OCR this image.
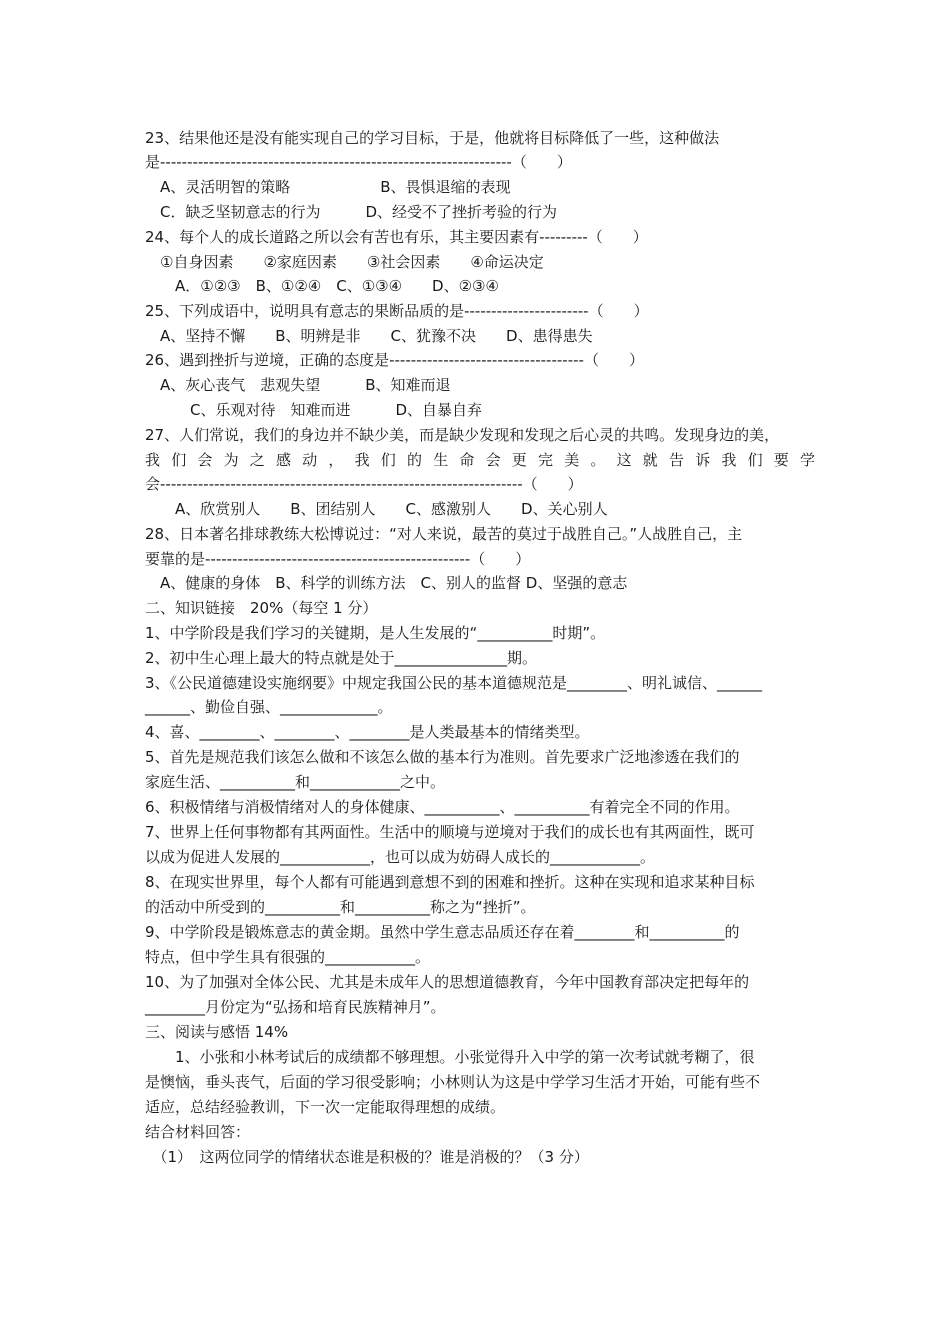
23、结果他还是没有能实现自己的学习目标，于是，他就将目标降低了一些，这种做法
是-----------------------------------------------------------------（　　）
　A、灵活明智的策略　　　　　　B、畏惧退缩的表现
　C．缺乏坚韧意志的行为　　　D、经受不了挫折考验的行为
24、每个人的成长道路之所以会有苦也有乐，其主要因素有---------（　　）
　①自身因素　　②家庭因素　　③社会因素　　④命运决定
　　A．①②③　B、①②④　C、①③④　　D、②③④
25、下列成语中，说明具有意志的果断品质的是-----------------------（　　）
　A、坚持不懈　　B、明辨是非　　C、犹豫不决　　D、患得患失
26、遇到挫折与逆境，正确的态度是------------------------------------（　　）
　A、灰心丧气　悲观失望　　　B、知难而退
　　　C、乐观对待　知难而进　　　D、自暴自弃
27、人们常说，我们的身边并不缺少美，而是缺少发现和发现之后心灵的共鸣。发现身边的美，
我们会为之感动，我们的生命会更完美。这就告诉我们要学
会-------------------------------------------------------------------（　　）
　　A、欣赏别人　　B、团结别人　　C、感激别人　　D、关心别人
28、日本著名排球教练大松博说过：“对人来说，最苦的莫过于战胜自己。”人战胜自己，主
要靠的是-------------------------------------------------（　　）
　A、健康的身体　B、科学的训练方法　C、别人的监督 D、坚强的意志
二、知识链接　20%（每空 1 分）
1、中学阶段是我们学习的关键期，是人生发展的“__________时期”。
2、初中生心理上最大的特点就是处于_______________期。
3、《公民道德建设实施纲要》中规定我国公民的基本道德规范是________、明礼诚信、______
______、勤俭自强、_____________。
4、喜、________、________、________是人类最基本的情绪类型。
5、首先是规范我们该怎么做和不该怎么做的基本行为准则。首先要求广泛地渗透在我们的
家庭生活、__________和____________之中。
6、积极情绪与消极情绪对人的身体健康、__________、__________有着完全不同的作用。
7、世界上任何事物都有其两面性。生活中的顺境与逆境对于我们的成长也有其两面性，既可
以成为促进人发展的____________，也可以成为妨碍人成长的____________。
8、在现实世界里，每个人都有可能遇到意想不到的困难和挫折。这种在实现和追求某种目标
的活动中所受到的__________和__________称之为“挫折”。
9、中学阶段是锻炼意志的黄金期。虽然中学生意志品质还存在着________和__________的
特点，但中学生具有很强的____________。
10、为了加强对全体公民、尤其是未成年人的思想道德教育，今年中国教育部决定把每年的
________月份定为“弘扬和培育民族精神月”。
三、阅读与感悟 14%
　　1、小张和小林考试后的成绩都不够理想。小张觉得升入中学的第一次考试就考糊了，很
是懊恼，垂头丧气，后面的学习很受影响；小林则认为这是中学学习生活才开始，可能有些不
适应，总结经验教训，下一次一定能取得理想的成绩。
结合材料回答：
　（1）　这两位同学的情绪状态谁是积极的？谁是消极的？（3 分）
